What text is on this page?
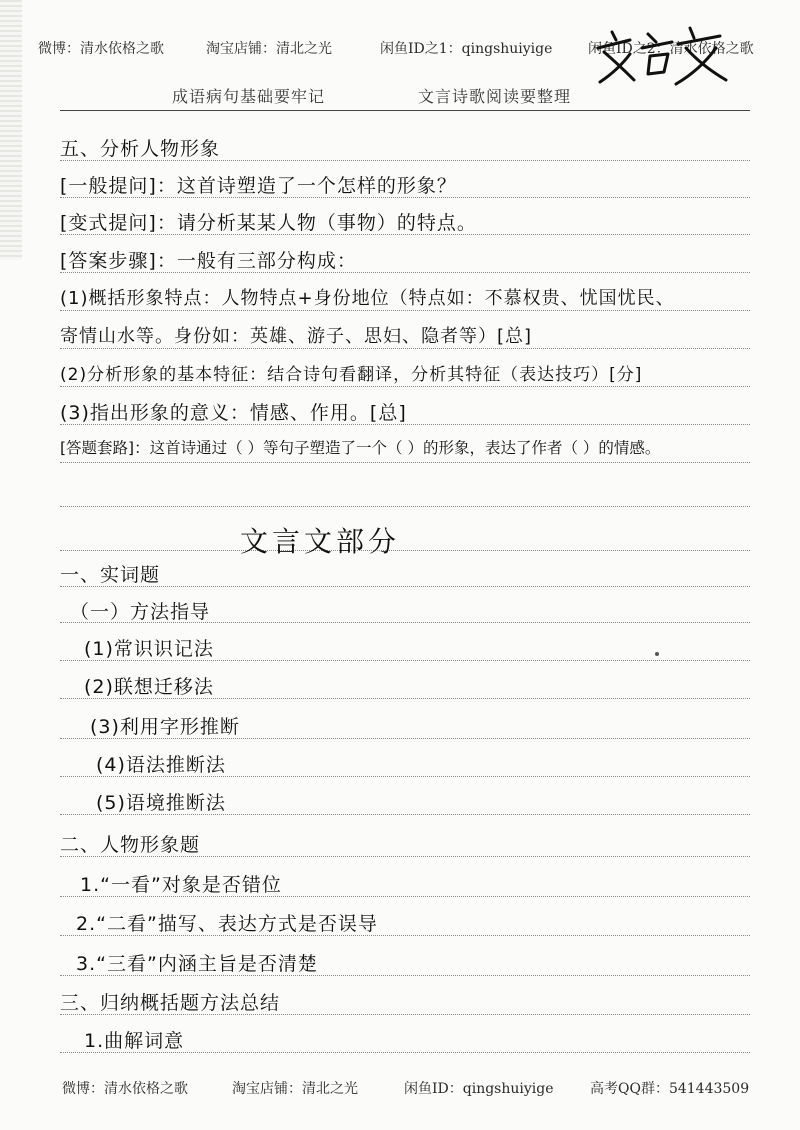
微博：清水依格之歌	淘宝店铺：清北之光	闲鱼ID之1：qingshuiyige	闲鱼ID之2：清水依格之歌
成语病句基础要牢记	文言诗歌阅读要整理
五、分析人物形象
[一般提问]：这首诗塑造了一个怎样的形象？
[变式提问]：请分析某某人物（事物）的特点。
[答案步骤]：一般有三部分构成：
(1)概括形象特点：人物特点+身份地位（特点如：不慕权贵、忧国忧民、
寄情山水等。身份如：英雄、游子、思妇、隐者等）[总]
(2)分析形象的基本特征：结合诗句看翻译，分析其特征（表达技巧）[分]
(3)指出形象的意义：情感、作用。[总]
[答题套路]：这首诗通过（ ）等句子塑造了一个（ ）的形象，表达了作者（ ）的情感。
文言文部分
一、实词题
（一）方法指导
(1)常识识记法
(2)联想迁移法
(3)利用字形推断
(4)语法推断法
(5)语境推断法
二、人物形象题
1.“一看”对象是否错位
2.“二看”描写、表达方式是否误导
3.“三看”内涵主旨是否清楚
三、归纳概括题方法总结
1.曲解词意
微博：清水依格之歌	淘宝店铺：清北之光	闲鱼ID：qingshuiyige	高考QQ群：541443509
